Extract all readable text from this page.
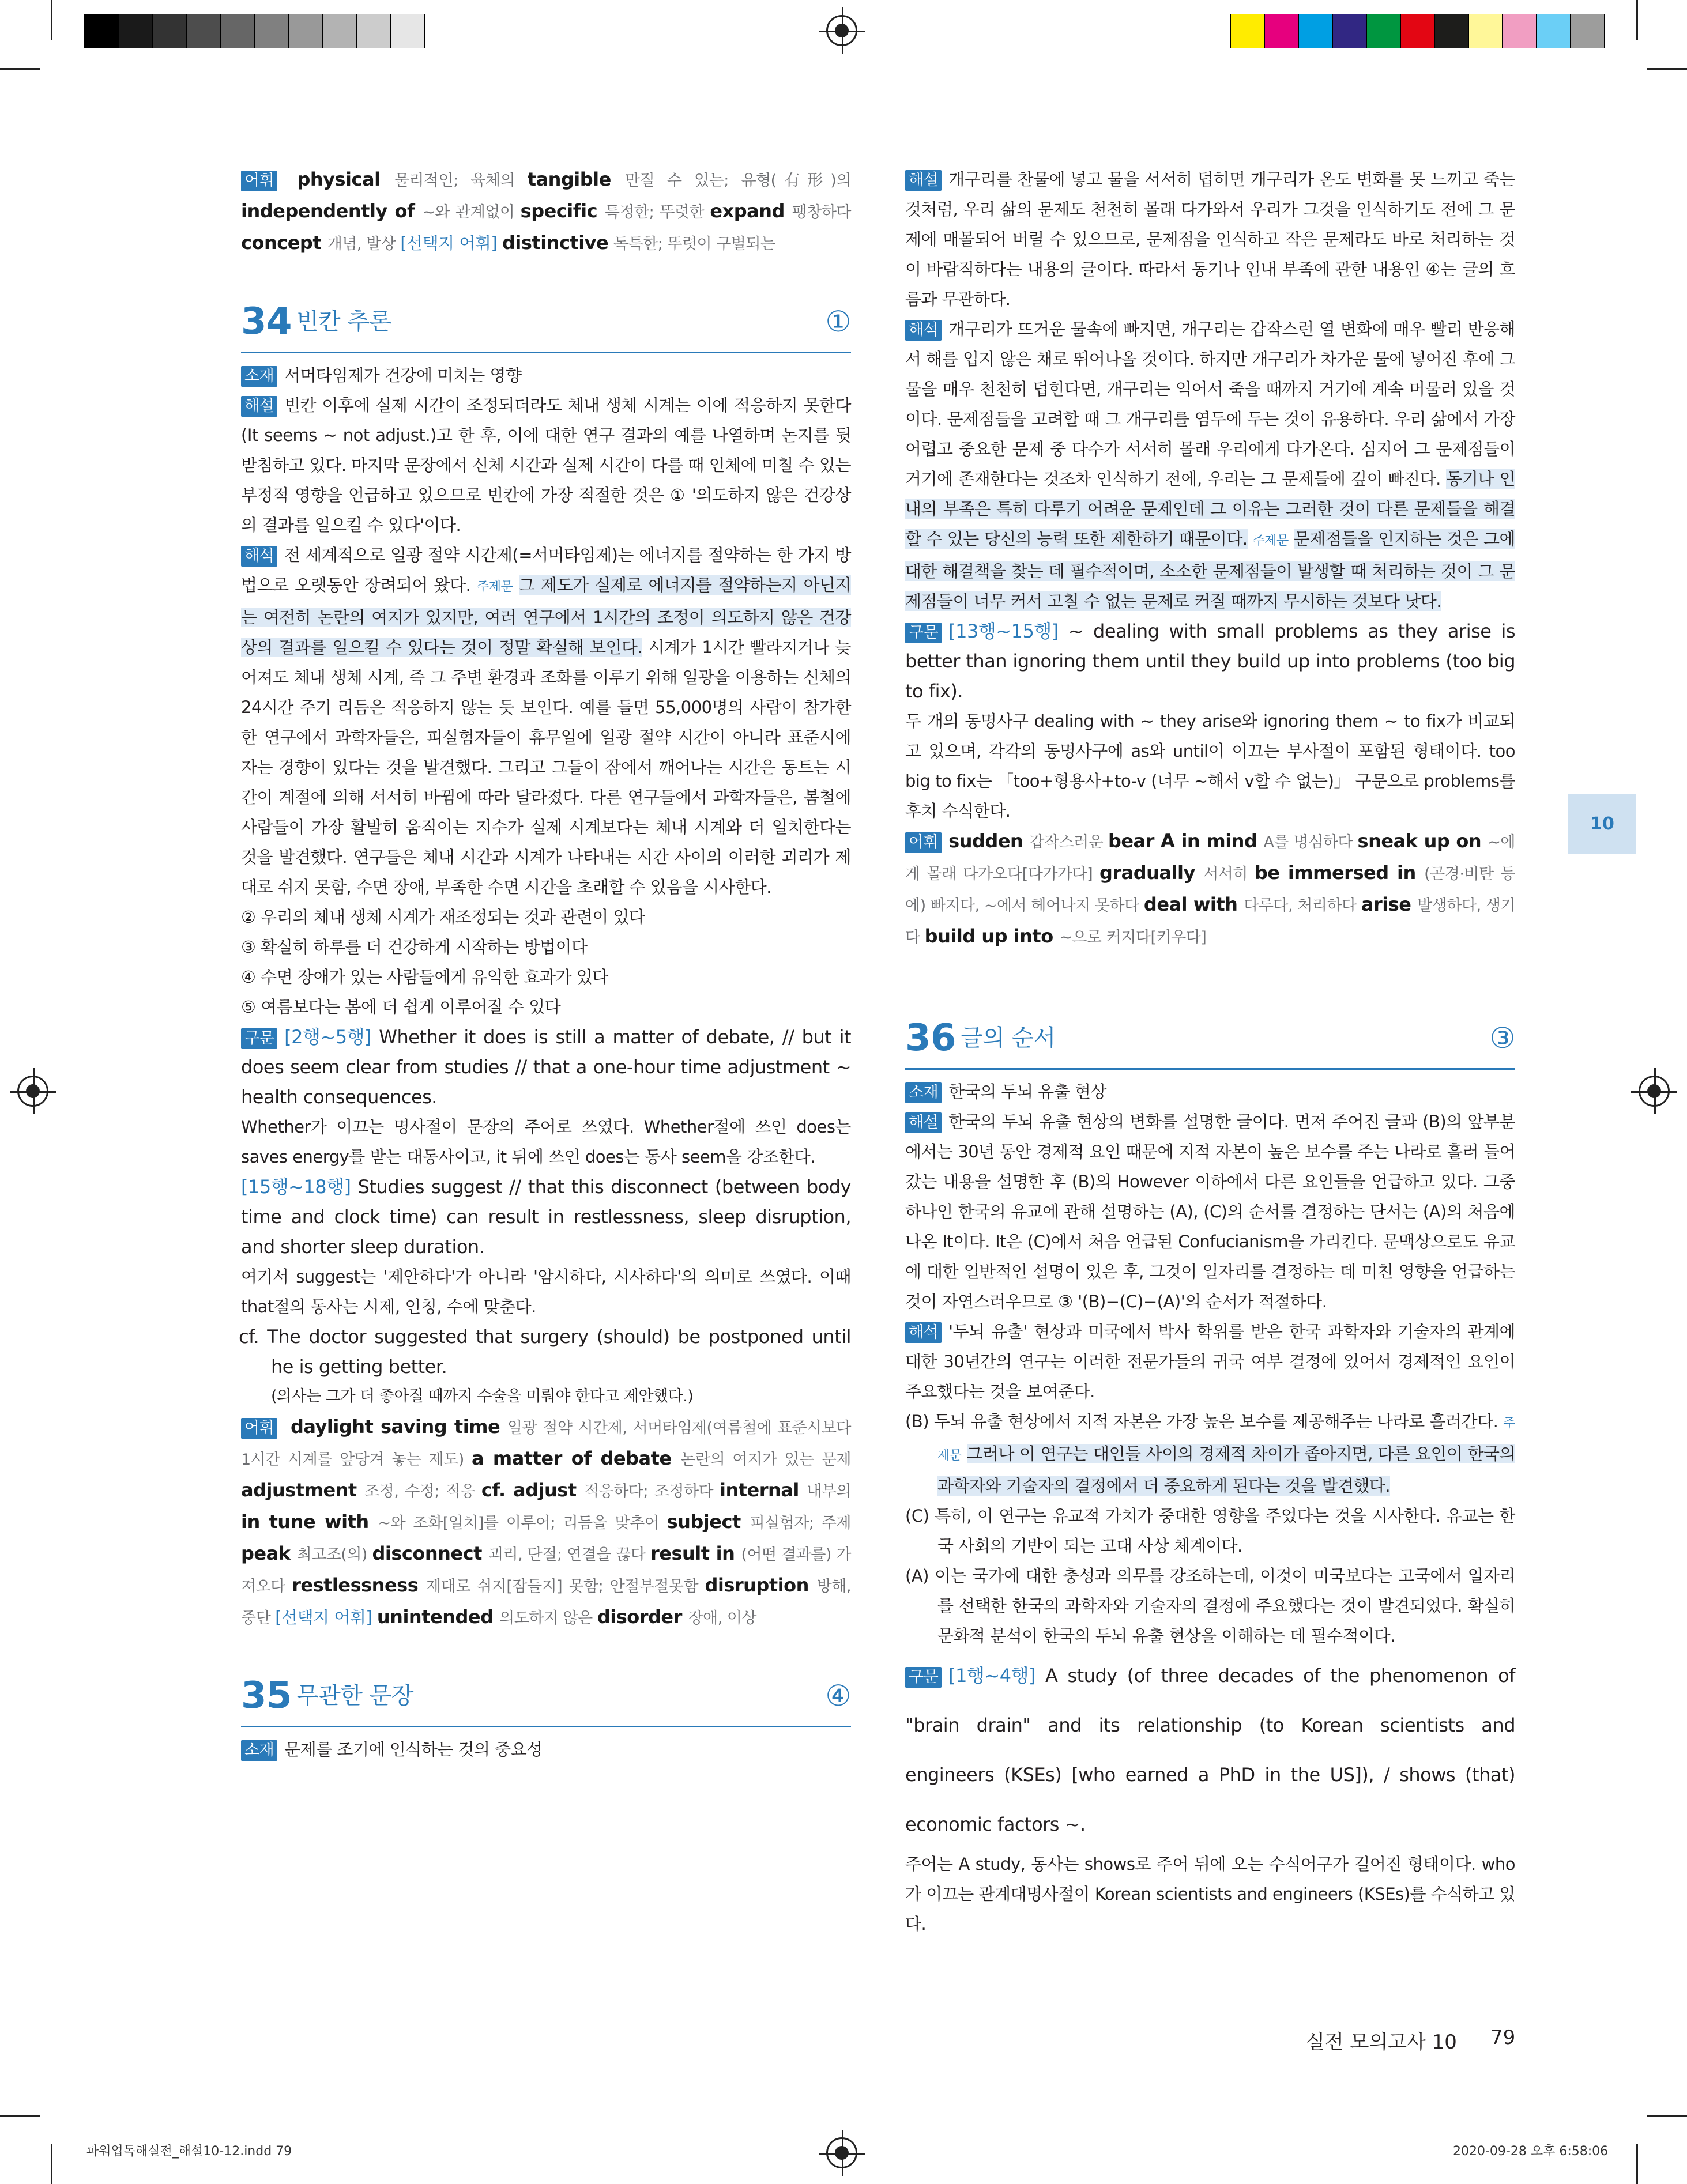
어휘 physical 물리적인; 육체의 tangible 만질 수 있는; 유형(有形)의 independently of ~와 관계없이 specific 특정한; 뚜렷한 expand 팽창하다 concept 개념, 발상 [선택지 어휘] distinctive 독특한; 뚜렷이 구별되는

34 빈칸 추론	①

소재 서머타임제가 건강에 미치는 영향

해설 빈칸 이후에 실제 시간이 조정되더라도 체내 생체 시계는 이에 적응하지 못한다(It seems ~ not adjust.)고 한 후, 이에 대한 연구 결과의 예를 나열하며 논지를 뒷받침하고 있다. 마지막 문장에서 신체 시간과 실제 시간이 다를 때 인체에 미칠 수 있는 부정적 영향을 언급하고 있으므로 빈칸에 가장 적절한 것은 ① '의도하지 않은 건강상의 결과를 일으킬 수 있다'이다.

해석 전 세계적으로 일광 절약 시간제(=서머타임제)는 에너지를 절약하는 한 가지 방법으로 오랫동안 장려되어 왔다. 주제문 그 제도가 실제로 에너지를 절약하는지 아닌지는 여전히 논란의 여지가 있지만, 여러 연구에서 1시간의 조정이 의도하지 않은 건강상의 결과를 일으킬 수 있다는 것이 정말 확실해 보인다. 시계가 1시간 빨라지거나 늦어져도 체내 생체 시계, 즉 그 주변 환경과 조화를 이루기 위해 일광을 이용하는 신체의 24시간 주기 리듬은 적응하지 않는 듯 보인다. 예를 들면 55,000명의 사람이 참가한 한 연구에서 과학자들은, 피실험자들이 휴무일에 일광 절약 시간이 아니라 표준시에 자는 경향이 있다는 것을 발견했다. 그리고 그들이 잠에서 깨어나는 시간은 동트는 시간이 계절에 의해 서서히 바뀜에 따라 달라졌다. 다른 연구들에서 과학자들은, 봄철에 사람들이 가장 활발히 움직이는 지수가 실제 시계보다는 체내 시계와 더 일치한다는 것을 발견했다. 연구들은 체내 시간과 시계가 나타내는 시간 사이의 이러한 괴리가 제대로 쉬지 못함, 수면 장애, 부족한 수면 시간을 초래할 수 있음을 시사한다.

② 우리의 체내 생체 시계가 재조정되는 것과 관련이 있다

③ 확실히 하루를 더 건강하게 시작하는 방법이다

④ 수면 장애가 있는 사람들에게 유익한 효과가 있다

⑤ 여름보다는 봄에 더 쉽게 이루어질 수 있다

구문 [2행~5행] Whether it does is still a matter of debate, // but it does seem clear from studies // that a one-hour time adjustment ~ health consequences.

Whether가 이끄는 명사절이 문장의 주어로 쓰였다. Whether절에 쓰인 does는 saves energy를 받는 대동사이고, it 뒤에 쓰인 does는 동사 seem을 강조한다.

[15행~18행] Studies suggest // that this disconnect (between body time and clock time) can result in restlessness, sleep disruption, and shorter sleep duration.

여기서 suggest는 '제안하다'가 아니라 '암시하다, 시사하다'의 의미로 쓰였다. 이때 that절의 동사는 시제, 인칭, 수에 맞춘다.

cf. The doctor suggested that surgery (should) be postponed until he is getting better.

(의사는 그가 더 좋아질 때까지 수술을 미뤄야 한다고 제안했다.)

어휘 daylight saving time 일광 절약 시간제, 서머타임제(여름철에 표준시보다 1시간 시계를 앞당겨 놓는 제도) a matter of debate 논란의 여지가 있는 문제 adjustment 조정, 수정; 적응 cf. adjust 적응하다; 조정하다 internal 내부의 in tune with ~와 조화[일치]를 이루어; 리듬을 맞추어 subject 피실험자; 주제 peak 최고조(의) disconnect 괴리, 단절; 연결을 끊다 result in (어떤 결과를) 가져오다 restlessness 제대로 쉬지[잠들지] 못함; 안절부절못함 disruption 방해, 중단 [선택지 어휘] unintended 의도하지 않은 disorder 장애, 이상

35 무관한 문장	④

소재 문제를 조기에 인식하는 것의 중요성

해설 개구리를 찬물에 넣고 물을 서서히 덥히면 개구리가 온도 변화를 못 느끼고 죽는 것처럼, 우리 삶의 문제도 천천히 몰래 다가와서 우리가 그것을 인식하기도 전에 그 문제에 매몰되어 버릴 수 있으므로, 문제점을 인식하고 작은 문제라도 바로 처리하는 것이 바람직하다는 내용의 글이다. 따라서 동기나 인내 부족에 관한 내용인 ④는 글의 흐름과 무관하다.

해석 개구리가 뜨거운 물속에 빠지면, 개구리는 갑작스런 열 변화에 매우 빨리 반응해서 해를 입지 않은 채로 뛰어나올 것이다. 하지만 개구리가 차가운 물에 넣어진 후에 그 물을 매우 천천히 덥힌다면, 개구리는 익어서 죽을 때까지 거기에 계속 머물러 있을 것이다. 문제점들을 고려할 때 그 개구리를 염두에 두는 것이 유용하다. 우리 삶에서 가장 어렵고 중요한 문제 중 다수가 서서히 몰래 우리에게 다가온다. 심지어 그 문제점들이 거기에 존재한다는 것조차 인식하기 전에, 우리는 그 문제들에 깊이 빠진다. 동기나 인내의 부족은 특히 다루기 어려운 문제인데 그 이유는 그러한 것이 다른 문제들을 해결할 수 있는 당신의 능력 또한 제한하기 때문이다. 주제문 문제점들을 인지하는 것은 그에 대한 해결책을 찾는 데 필수적이며, 소소한 문제점들이 발생할 때 처리하는 것이 그 문제점들이 너무 커서 고칠 수 없는 문제로 커질 때까지 무시하는 것보다 낫다.

구문 [13행~15행] ~ dealing with small problems as they arise is better than ignoring them until they build up into problems (too big to fix).

두 개의 동명사구 dealing with ~ they arise와 ignoring them ~ to fix가 비교되고 있으며, 각각의 동명사구에 as와 until이 이끄는 부사절이 포함된 형태이다. too big to fix는 「too+형용사+to-v (너무 ~해서 v할 수 없는)」 구문으로 problems를 후치 수식한다.

어휘 sudden 갑작스러운 bear A in mind A를 명심하다 sneak up on ~에게 몰래 다가오다[다가가다] gradually 서서히 be immersed in (곤경·비탄 등에) 빠지다, ~에서 헤어나지 못하다 deal with 다루다, 처리하다 arise 발생하다, 생기다 build up into ~으로 커지다[키우다]

36 글의 순서	③

소재 한국의 두뇌 유출 현상

해설 한국의 두뇌 유출 현상의 변화를 설명한 글이다. 먼저 주어진 글과 (B)의 앞부분에서는 30년 동안 경제적 요인 때문에 지적 자본이 높은 보수를 주는 나라로 흘러 들어갔는 내용을 설명한 후 (B)의 However 이하에서 다른 요인들을 언급하고 있다. 그중 하나인 한국의 유교에 관해 설명하는 (A), (C)의 순서를 결정하는 단서는 (A)의 처음에 나온 It이다. It은 (C)에서 처음 언급된 Confucianism을 가리킨다. 문맥상으로도 유교에 대한 일반적인 설명이 있은 후, 그것이 일자리를 결정하는 데 미친 영향을 언급하는 것이 자연스러우므로 ③ '(B)−(C)−(A)'의 순서가 적절하다.

해석 '두뇌 유출' 현상과 미국에서 박사 학위를 받은 한국 과학자와 기술자의 관계에 대한 30년간의 연구는 이러한 전문가들의 귀국 여부 결정에 있어서 경제적인 요인이 주요했다는 것을 보여준다.

(B) 두뇌 유출 현상에서 지적 자본은 가장 높은 보수를 제공해주는 나라로 흘러간다. 주제문 그러나 이 연구는 대인들 사이의 경제적 차이가 좁아지면, 다른 요인이 한국의 과학자와 기술자의 결정에서 더 중요하게 된다는 것을 발견했다.

(C) 특히, 이 연구는 유교적 가치가 중대한 영향을 주었다는 것을 시사한다. 유교는 한국 사회의 기반이 되는 고대 사상 체계이다.

(A) 이는 국가에 대한 충성과 의무를 강조하는데, 이것이 미국보다는 고국에서 일자리를 선택한 한국의 과학자와 기술자의 결정에 주요했다는 것이 발견되었다. 확실히 문화적 분석이 한국의 두뇌 유출 현상을 이해하는 데 필수적이다.

구문 [1행~4행] A study (of three decades of the phenomenon of "brain drain" and its relationship (to Korean scientists and engineers (KSEs) [who earned a PhD in the US]), / shows (that) economic factors ~.

주어는 A study, 동사는 shows로 주어 뒤에 오는 수식어구가 길어진 형태이다. who가 이끄는 관계대명사절이 Korean scientists and engineers (KSEs)를 수식하고 있다.

10
실전 모의고사 10 79
파워업독해실전_해설10-12.indd 79	2020-09-28 오후 6:58:06
